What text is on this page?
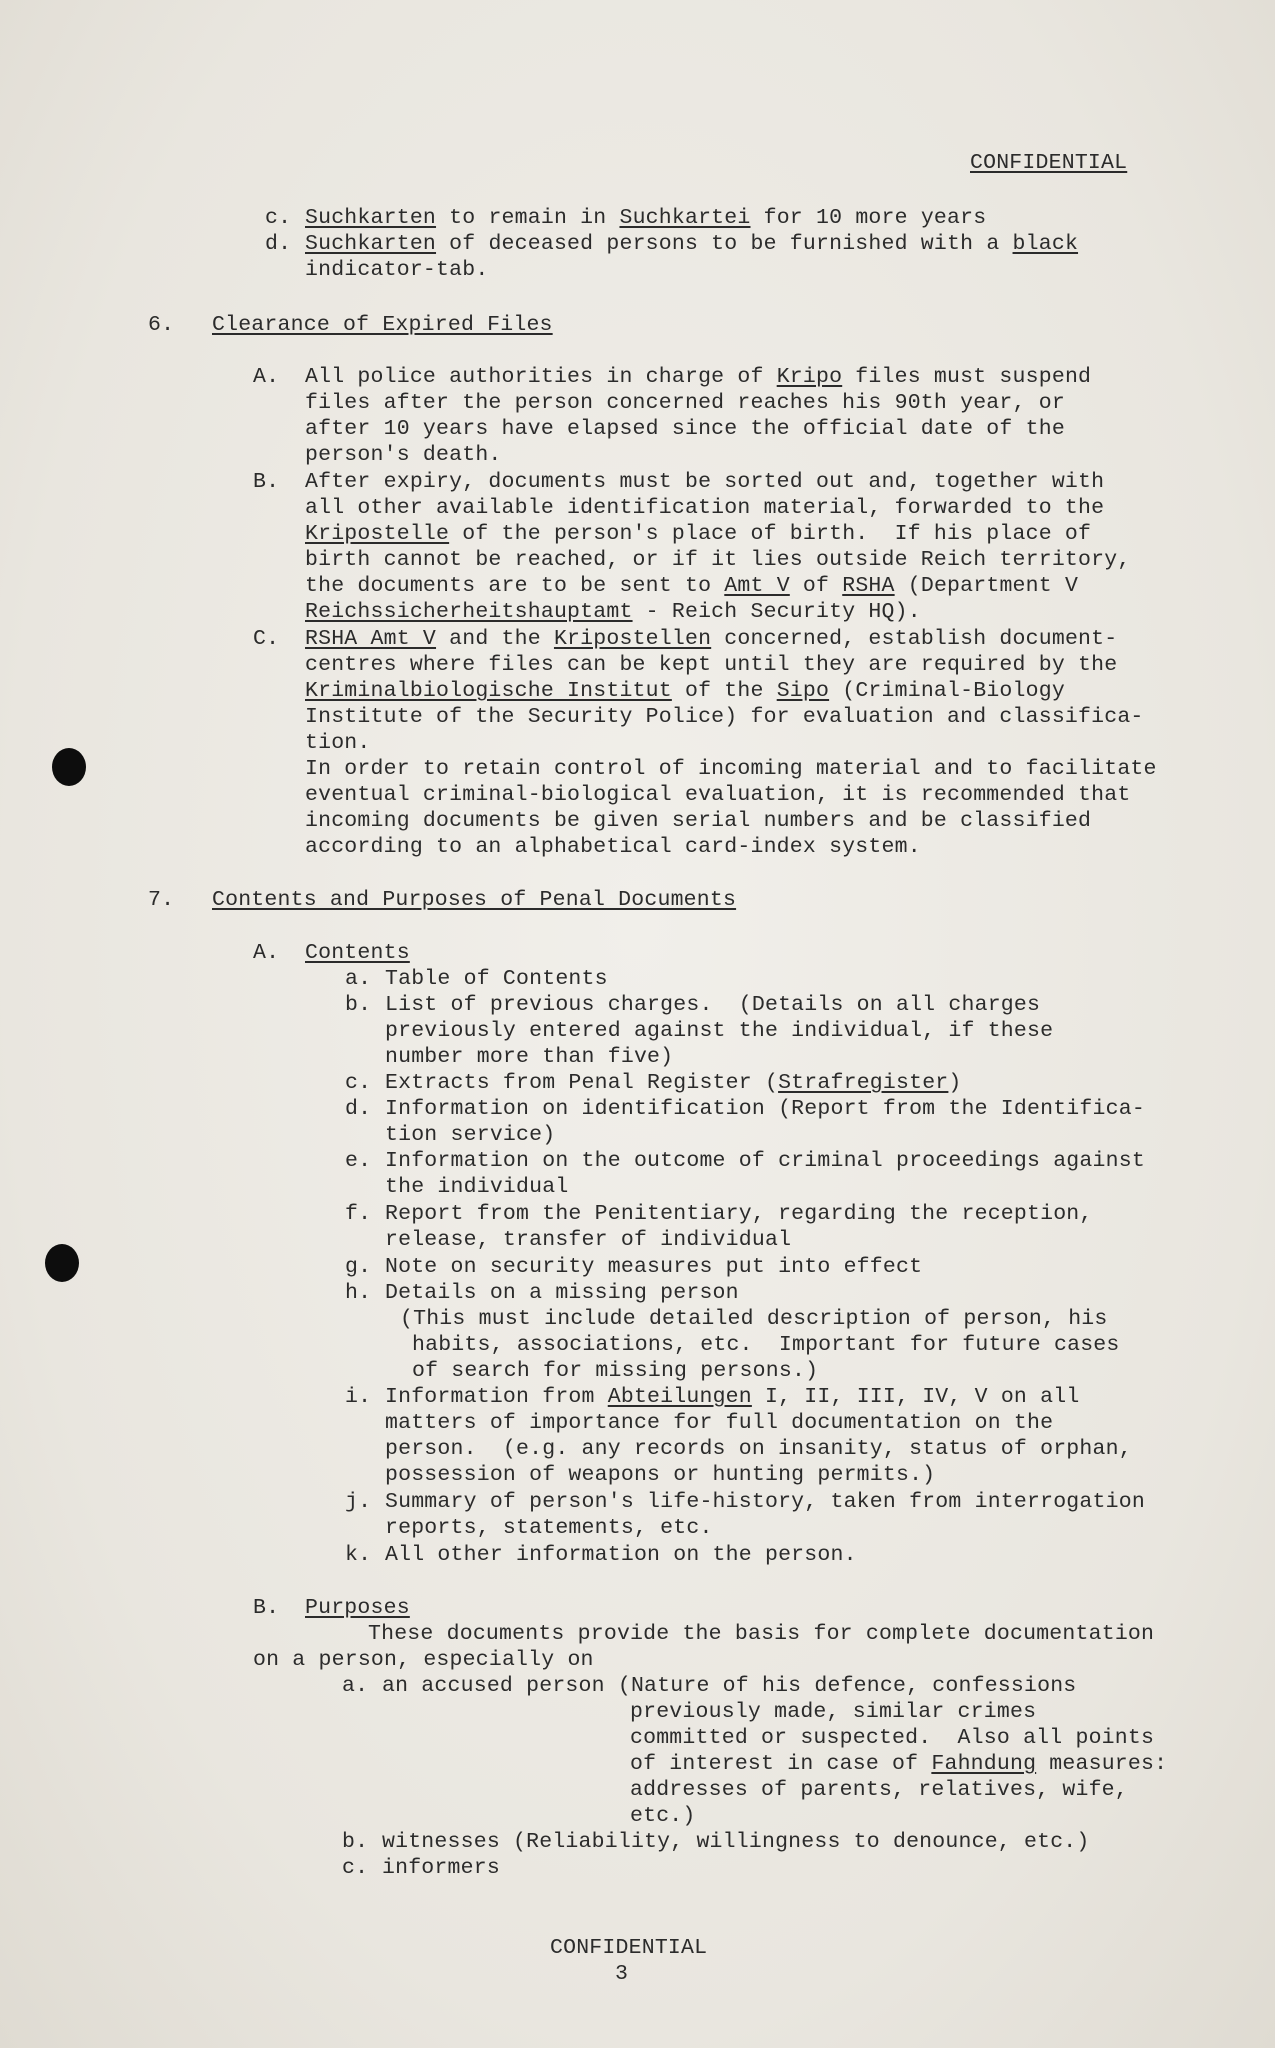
CONFIDENTIAL
c. Suchkarten to remain in Suchkartei for 10 more years
d. Suchkarten of deceased persons to be furnished with a black
indicator-tab.
6. Clearance of Expired Files
A. All police authorities in charge of Kripo files must suspend
files after the person concerned reaches his 90th year, or
after 10 years have elapsed since the official date of the
person's death.
B. After expiry, documents must be sorted out and, together with
all other available identification material, forwarded to the
Kripostelle of the person's place of birth.  If his place of
birth cannot be reached, or if it lies outside Reich territory,
the documents are to be sent to Amt V of RSHA (Department V
Reichssicherheitshauptamt - Reich Security HQ).
C. RSHA Amt V and the Kripostellen concerned, establish document-
centres where files can be kept until they are required by the
Kriminalbiologische Institut of the Sipo (Criminal-Biology
Institute of the Security Police) for evaluation and classifica-
tion.
In order to retain control of incoming material and to facilitate
eventual criminal-biological evaluation, it is recommended that
incoming documents be given serial numbers and be classified
according to an alphabetical card-index system.
7. Contents and Purposes of Penal Documents
A. Contents
a. Table of Contents
b. List of previous charges.  (Details on all charges
previously entered against the individual, if these
number more than five)
c. Extracts from Penal Register (Strafregister)
d. Information on identification (Report from the Identifica-
tion service)
e. Information on the outcome of criminal proceedings against
the individual
f. Report from the Penitentiary, regarding the reception,
release, transfer of individual
g. Note on security measures put into effect
h. Details on a missing person
(This must include detailed description of person, his
habits, associations, etc.  Important for future cases
of search for missing persons.)
i. Information from Abteilungen I, II, III, IV, V on all
matters of importance for full documentation on the
person.  (e.g. any records on insanity, status of orphan,
possession of weapons or hunting permits.)
j. Summary of person's life-history, taken from interrogation
reports, statements, etc.
k. All other information on the person.
B. Purposes
These documents provide the basis for complete documentation
on a person, especially on
a. an accused person (Nature of his defence, confessions
previously made, similar crimes
committed or suspected.  Also all points
of interest in case of Fahndung measures:
addresses of parents, relatives, wife,
etc.)
b. witnesses (Reliability, willingness to denounce, etc.)
c. informers
CONFIDENTIAL
3
